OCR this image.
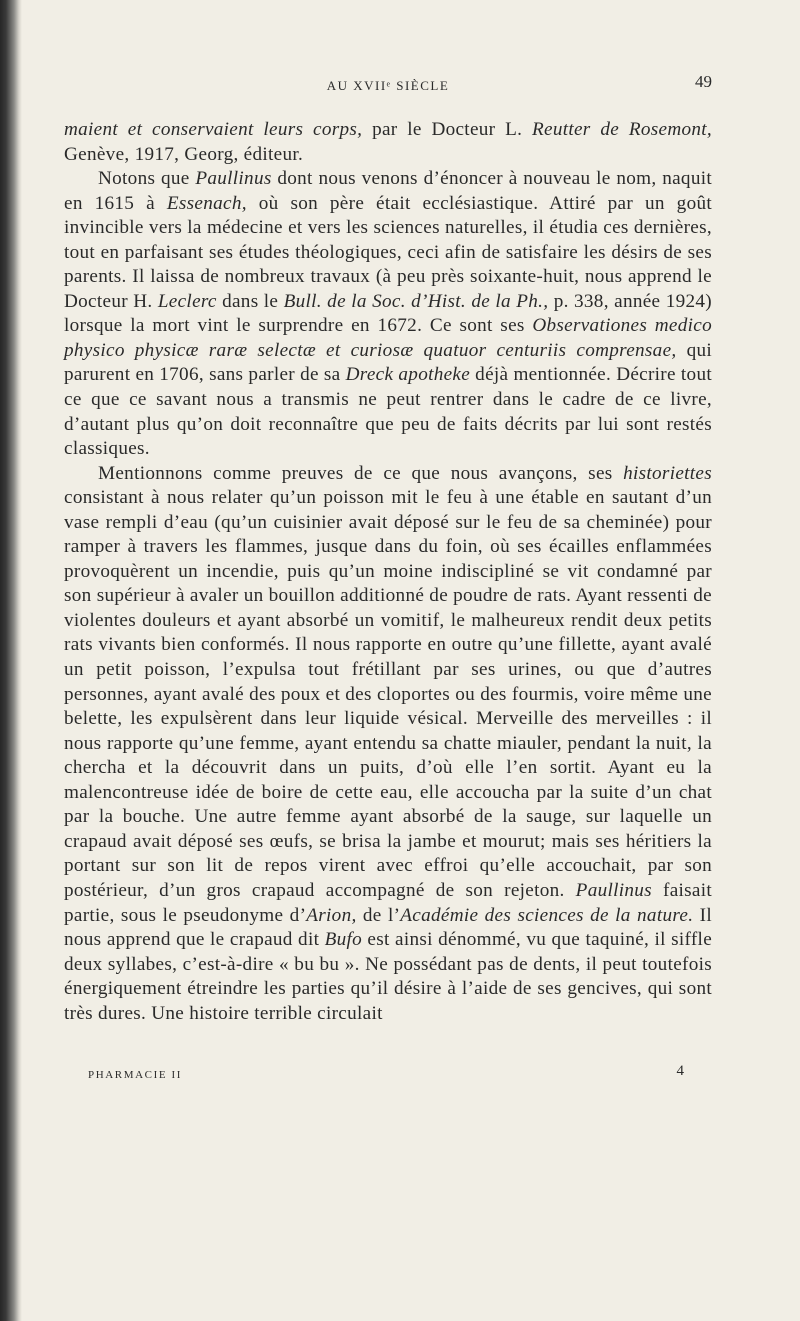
AU XVIIᵉ SIÈCLE	49

maient et conservaient leurs corps, par le Docteur L. Reutter de Rosemont, Genève, 1917, Georg, éditeur.

Notons que Paullinus dont nous venons d’énoncer à nouveau le nom, naquit en 1615 à Essenach, où son père était ecclésiastique. Attiré par un goût invincible vers la médecine et vers les sciences naturelles, il étudia ces dernières, tout en parfaisant ses études théologiques, ceci afin de satisfaire les désirs de ses parents. Il laissa de nombreux travaux (à peu près soixante-huit, nous apprend le Docteur H. Leclerc dans le Bull. de la Soc. d’Hist. de la Ph., p. 338, année 1924) lorsque la mort vint le surprendre en 1672. Ce sont ses Observationes medico physico physicæ raræ selectæ et curiosæ quatuor centuriis comprensae, qui parurent en 1706, sans parler de sa Dreck apotheke déjà mentionnée. Décrire tout ce que ce savant nous a transmis ne peut rentrer dans le cadre de ce livre, d’autant plus qu’on doit reconnaître que peu de faits décrits par lui sont restés classiques.

Mentionnons comme preuves de ce que nous avançons, ses historiettes consistant à nous relater qu’un poisson mit le feu à une étable en sautant d’un vase rempli d’eau (qu’un cuisinier avait déposé sur le feu de sa cheminée) pour ramper à travers les flammes, jusque dans du foin, où ses écailles enflammées provoquèrent un incendie, puis qu’un moine indiscipliné se vit condamné par son supérieur à avaler un bouillon additionné de poudre de rats. Ayant ressenti de violentes douleurs et ayant absorbé un vomitif, le malheureux rendit deux petits rats vivants bien conformés. Il nous rapporte en outre qu’une fillette, ayant avalé un petit poisson, l’expulsa tout frétillant par ses urines, ou que d’autres personnes, ayant avalé des poux et des cloportes ou des fourmis, voire même une belette, les expulsèrent dans leur liquide vésical. Merveille des merveilles : il nous rapporte qu’une femme, ayant entendu sa chatte miauler, pendant la nuit, la chercha et la découvrit dans un puits, d’où elle l’en sortit. Ayant eu la malencontreuse idée de boire de cette eau, elle accoucha par la suite d’un chat par la bouche. Une autre femme ayant absorbé de la sauge, sur laquelle un crapaud avait déposé ses œufs, se brisa la jambe et mourut; mais ses héritiers la portant sur son lit de repos virent avec effroi qu’elle accouchait, par son postérieur, d’un gros crapaud accompagné de son rejeton. Paullinus faisait partie, sous le pseudonyme d’Arion, de l’Académie des sciences de la nature. Il nous apprend que le crapaud dit Bufo est ainsi dénommé, vu que taquiné, il siffle deux syllabes, c’est-à-dire « bu bu ». Ne possédant pas de dents, il peut toutefois énergiquement étreindre les parties qu’il désire à l’aide de ses gencives, qui sont très dures. Une histoire terrible circulait

PHARMACIE II	4
